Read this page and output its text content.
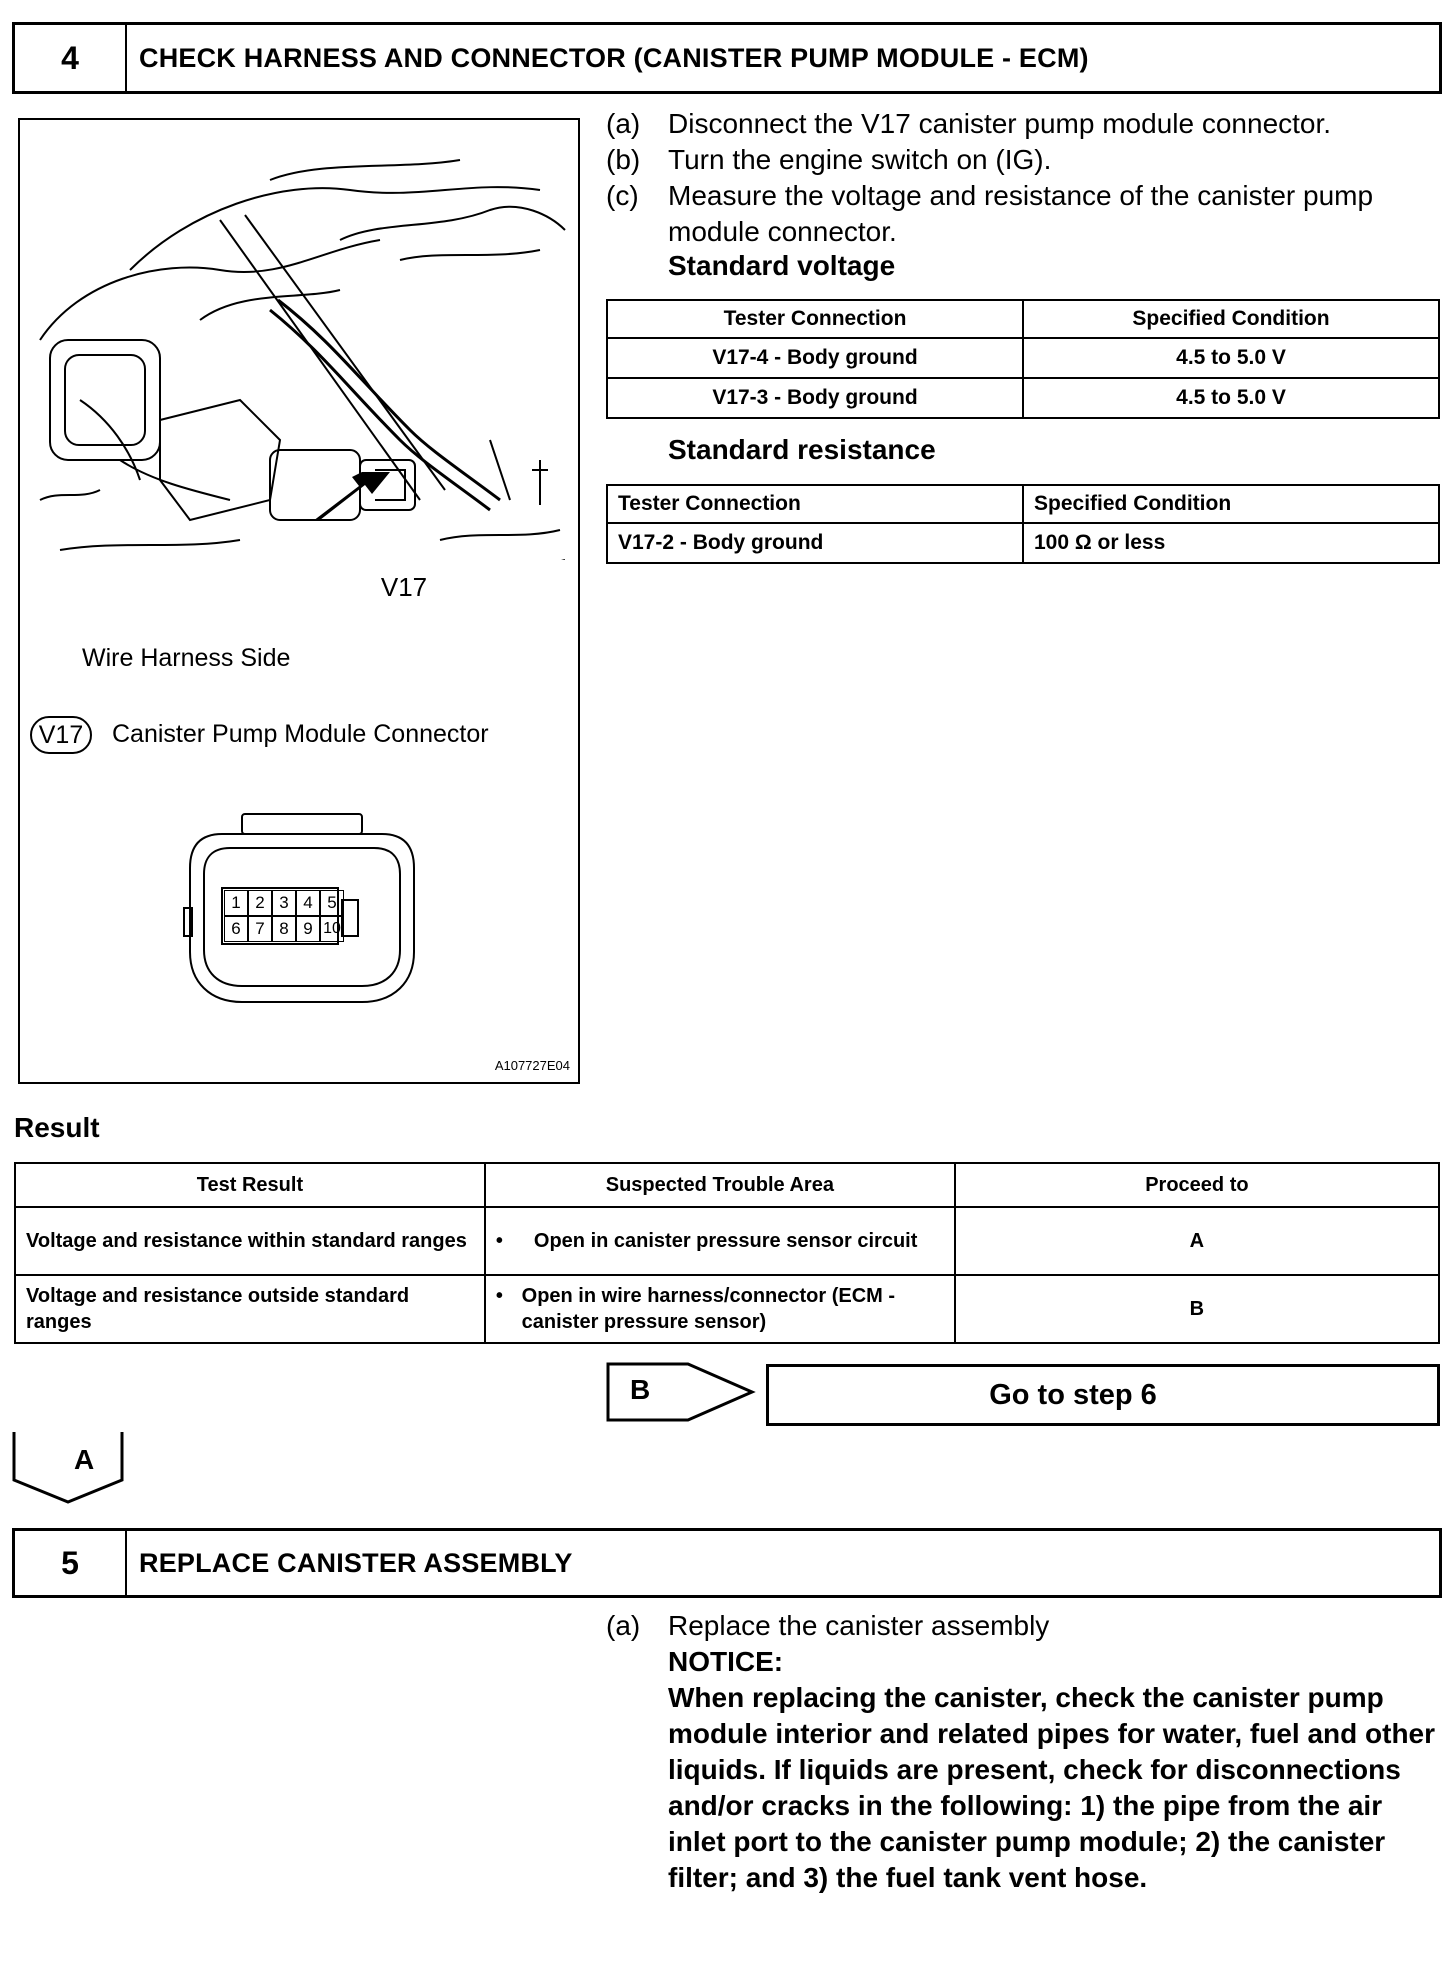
4	CHECK HARNESS AND CONNECTOR (CANISTER PUMP MODULE - ECM)
V17
Wire Harness Side
V17 Canister Pump Module Connector
1 2 3 4 5
6 7 8 9 10
A107727E04
(a) Disconnect the V17 canister pump module connector.
(b) Turn the engine switch on (IG).
(c)	Measure the voltage and resistance of the canister pump module connector.
Standard voltage
Tester Connection	Specified Condition
V17-4 - Body ground	4.5 to 5.0 V
V17-3 - Body ground	4.5 to 5.0 V
Standard resistance
Tester Connection	Specified Condition
V17-2 - Body ground	100 Ω or less
Result
Test Result	Suspected Trouble Area	Proceed to
Voltage and resistance within standard ranges	• Open in canister pressure sensor circuit	A
Voltage and resistance outside standard ranges	• Open in wire harness/connector (ECM - canister pressure sensor)	B
B	Go to step 6
A
5	REPLACE CANISTER ASSEMBLY
(a) Replace the canister assembly
NOTICE:
When replacing the canister, check the canister pump module interior and related pipes for water, fuel and other liquids. If liquids are present, check for disconnections and/or cracks in the following: 1) the pipe from the air inlet port to the canister pump module; 2) the canister filter; and 3) the fuel tank vent hose.
